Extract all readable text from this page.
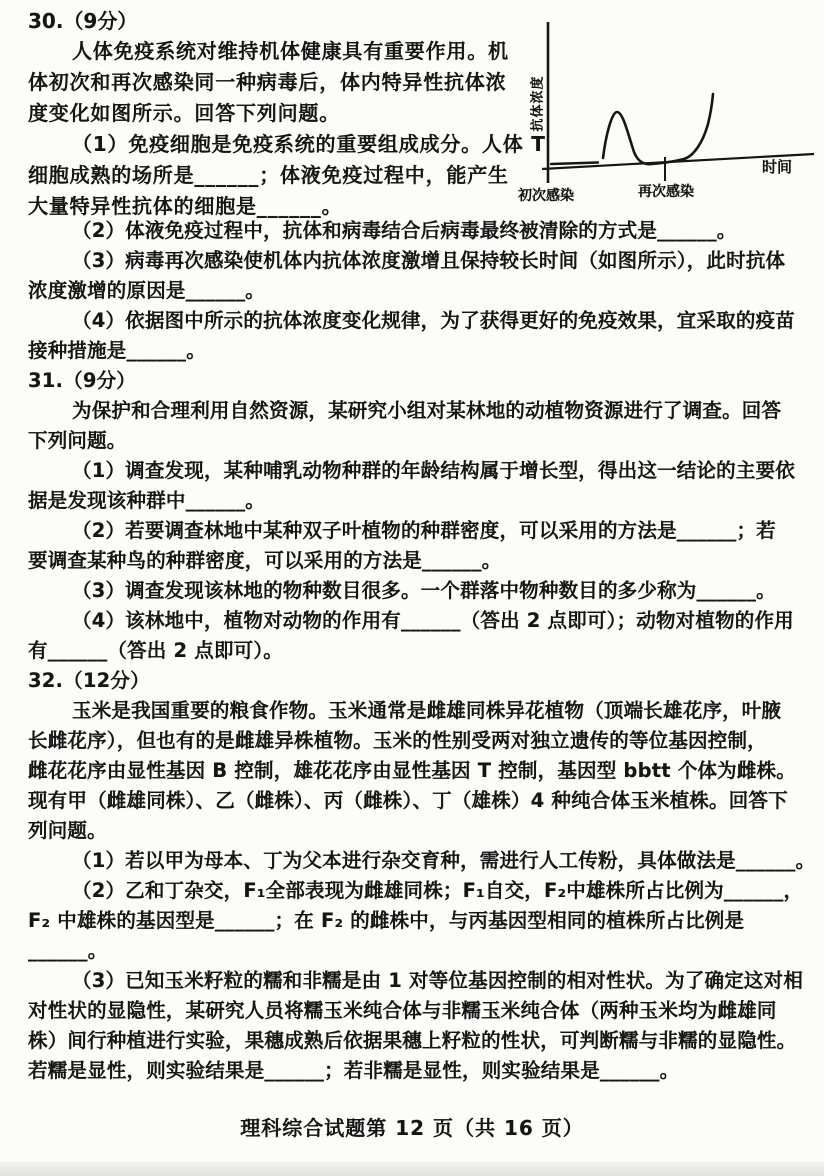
30.（9分）
人体免疫系统对维持机体健康具有重要作用。机
体初次和再次感染同一种病毒后，体内特异性抗体浓
度变化如图所示。回答下列问题。
（1）免疫细胞是免疫系统的重要组成成分。人体 T
细胞成熟的场所是______；体液免疫过程中，能产生
大量特异性抗体的细胞是______。
抗体浓度
时间
初次感染	再次感染
（2）体液免疫过程中，抗体和病毒结合后病毒最终被清除的方式是______。
（3）病毒再次感染使机体内抗体浓度激增且保持较长时间（如图所示），此时抗体
浓度激增的原因是______。
（4）依据图中所示的抗体浓度变化规律，为了获得更好的免疫效果，宜采取的疫苗
接种措施是______。
31.（9分）
为保护和合理利用自然资源，某研究小组对某林地的动植物资源进行了调查。回答
下列问题。
（1）调查发现，某种哺乳动物种群的年龄结构属于增长型，得出这一结论的主要依
据是发现该种群中______。
（2）若要调查林地中某种双子叶植物的种群密度，可以采用的方法是______；若
要调查某种鸟的种群密度，可以采用的方法是______。
（3）调查发现该林地的物种数目很多。一个群落中物种数目的多少称为______。
（4）该林地中，植物对动物的作用有______（答出 2 点即可）；动物对植物的作用
有______（答出 2 点即可）。
32.（12分）
玉米是我国重要的粮食作物。玉米通常是雌雄同株异花植物（顶端长雄花序，叶腋
长雌花序），但也有的是雌雄异株植物。玉米的性别受两对独立遗传的等位基因控制，
雌花花序由显性基因 B 控制，雄花花序由显性基因 T 控制，基因型 bbtt 个体为雌株。
现有甲（雌雄同株）、乙（雌株）、丙（雌株）、丁（雄株）4 种纯合体玉米植株。回答下
列问题。
（1）若以甲为母本、丁为父本进行杂交育种，需进行人工传粉，具体做法是______。
（2）乙和丁杂交，F₁全部表现为雌雄同株；F₁自交，F₂中雄株所占比例为______，
F₂ 中雄株的基因型是______；在 F₂ 的雌株中，与丙基因型相同的植株所占比例是
______。
（3）已知玉米籽粒的糯和非糯是由 1 对等位基因控制的相对性状。为了确定这对相
对性状的显隐性，某研究人员将糯玉米纯合体与非糯玉米纯合体（两种玉米均为雌雄同
株）间行种植进行实验，果穗成熟后依据果穗上籽粒的性状，可判断糯与非糯的显隐性。
若糯是显性，则实验结果是______；若非糯是显性，则实验结果是______。
理科综合试题第 12 页（共 16 页）
